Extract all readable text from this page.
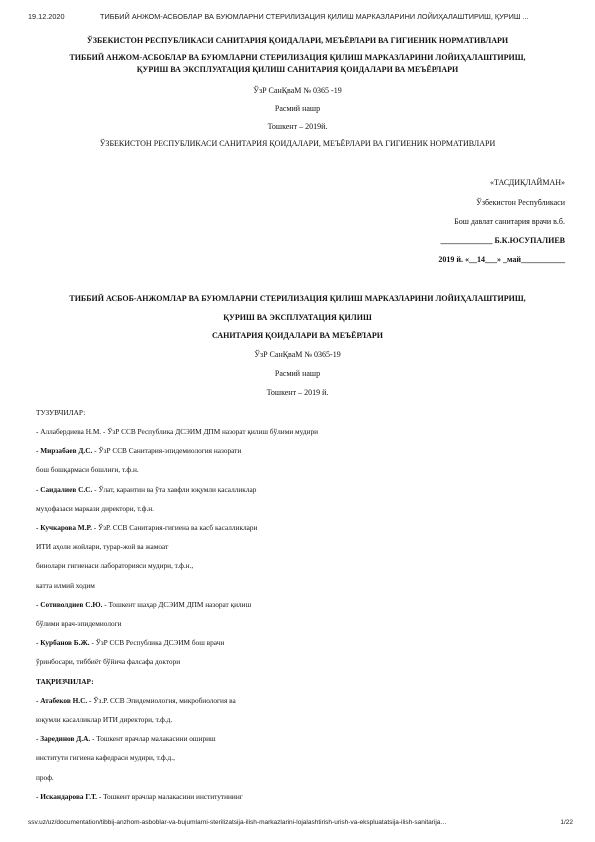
19.12.2020	ТИББИЙ АНЖОМ-АСБОБЛАР ВА БУЮМЛАРНИ СТЕРИЛИЗАЦИЯ ҚИЛИШ МАРКАЗЛАРИНИ ЛОЙИҲАЛАШТИРИШ, ҚУРИШ ...
ЎЗБЕКИСТОН РЕСПУБЛИКАСИ САНИТАРИЯ ҚОИДАЛАРИ, МЕЪЁРЛАРИ ВА ГИГИЕНИК НОРМАТИВЛАРИ
ТИББИЙ АНЖОМ-АСБОБЛАР ВА БУЮМЛАРНИ СТЕРИЛИЗАЦИЯ ҚИЛИШ МАРКАЗЛАРИНИ ЛОЙИҲАЛАШТИРИШ,
ҚУРИШ ВА ЭКСПЛУАТАЦИЯ ҚИЛИШ САНИТАРИЯ ҚОИДАЛАРИ ВА МЕЪЁРЛАРИ
ЎзР СанҚваМ № 0365 -19
Расмий нашр
Тошкент – 2019й.
ЎЗБЕКИСТОН РЕСПУБЛИКАСИ САНИТАРИЯ ҚОИДАЛАРИ, МЕЪЁРЛАРИ ВА ГИГИЕНИК НОРМАТИВЛАРИ
«ТАСДИҚЛАЙМАН»
Ўзбекистон Республикаси
Бош давлат санитария врачи в.б.
_____________ Б.К.ЮСУПАЛИЕВ
2019 й. «__14___» _май___________
ТИББИЙ АСБОБ-АНЖОМЛАР ВА БУЮМЛАРНИ СТЕРИЛИЗАЦИЯ ҚИЛИШ МАРКАЗЛАРИНИ ЛОЙИҲАЛАШТИРИШ,
ҚУРИШ ВА ЭКСПЛУАТАЦИЯ ҚИЛИШ
САНИТАРИЯ ҚОИДАЛАРИ ВА МЕЪЁРЛАРИ
ЎзР СанҚваМ № 0365-19
Расмий нашр
Тошкент – 2019 й.
ТУЗУВЧИЛАР:
- Аллабердиева Н.М. - ЎзР ССВ Республика ДСЭИМ ДПМ назорат қилиш бўлими мудири
- Мирзабаев Д.С. - ЎзР ССВ Санитария-эпидемиология назорати
бош бошқармаси бошлиғи, т.ф.н.
- Саидалиев С.С. - Ўлат, карантин ва ўта хавфли юқумли касалликлар
муҳофазаси маркази директори, т.ф.н.
- Кучкарова М.Р. - ЎзР. ССВ Санитария-гигиена ва касб касалликлари
ИТИ аҳоли жойлари, турар-жой ва жамоат
бинолари гигиенаси лабораторияси мудири, т.ф.н.,
катта илмий ходим
- Сотиволдиев С.Ю. - Тошкент шаҳар ДСЭИМ ДПМ назорат қилиш
бўлими врач-эпидемиологи
- Курбанов Б.Ж. - ЎзР ССВ Республика ДСЭИМ бош врачи
ўринбосари, тиббиёт бўйича фалсафа доктори
ТАҚРИЗЧИЛАР:
- Атабеков Н.С. - Ўз.Р. ССВ Эпидемиология, микробиология ва
юқумли касалликлар ИТИ директори, т.ф.д.
- Зарединов Д.А. - Тошкент врачлар малакасини ошириш
институти гигиена кафедраси мудири, т.ф.д.,
проф.
- Искандарова Г.Т. - Тошкент врачлар малакасини институтининг
ssv.uz/uz/documentation/tibbij-anzhom-asboblar-va-bujumlarni-sterilizatsija-ilish-markazlarini-lojalashtirish-urish-va-ekspluatatsija-ilish-sanitarija…	1/22
